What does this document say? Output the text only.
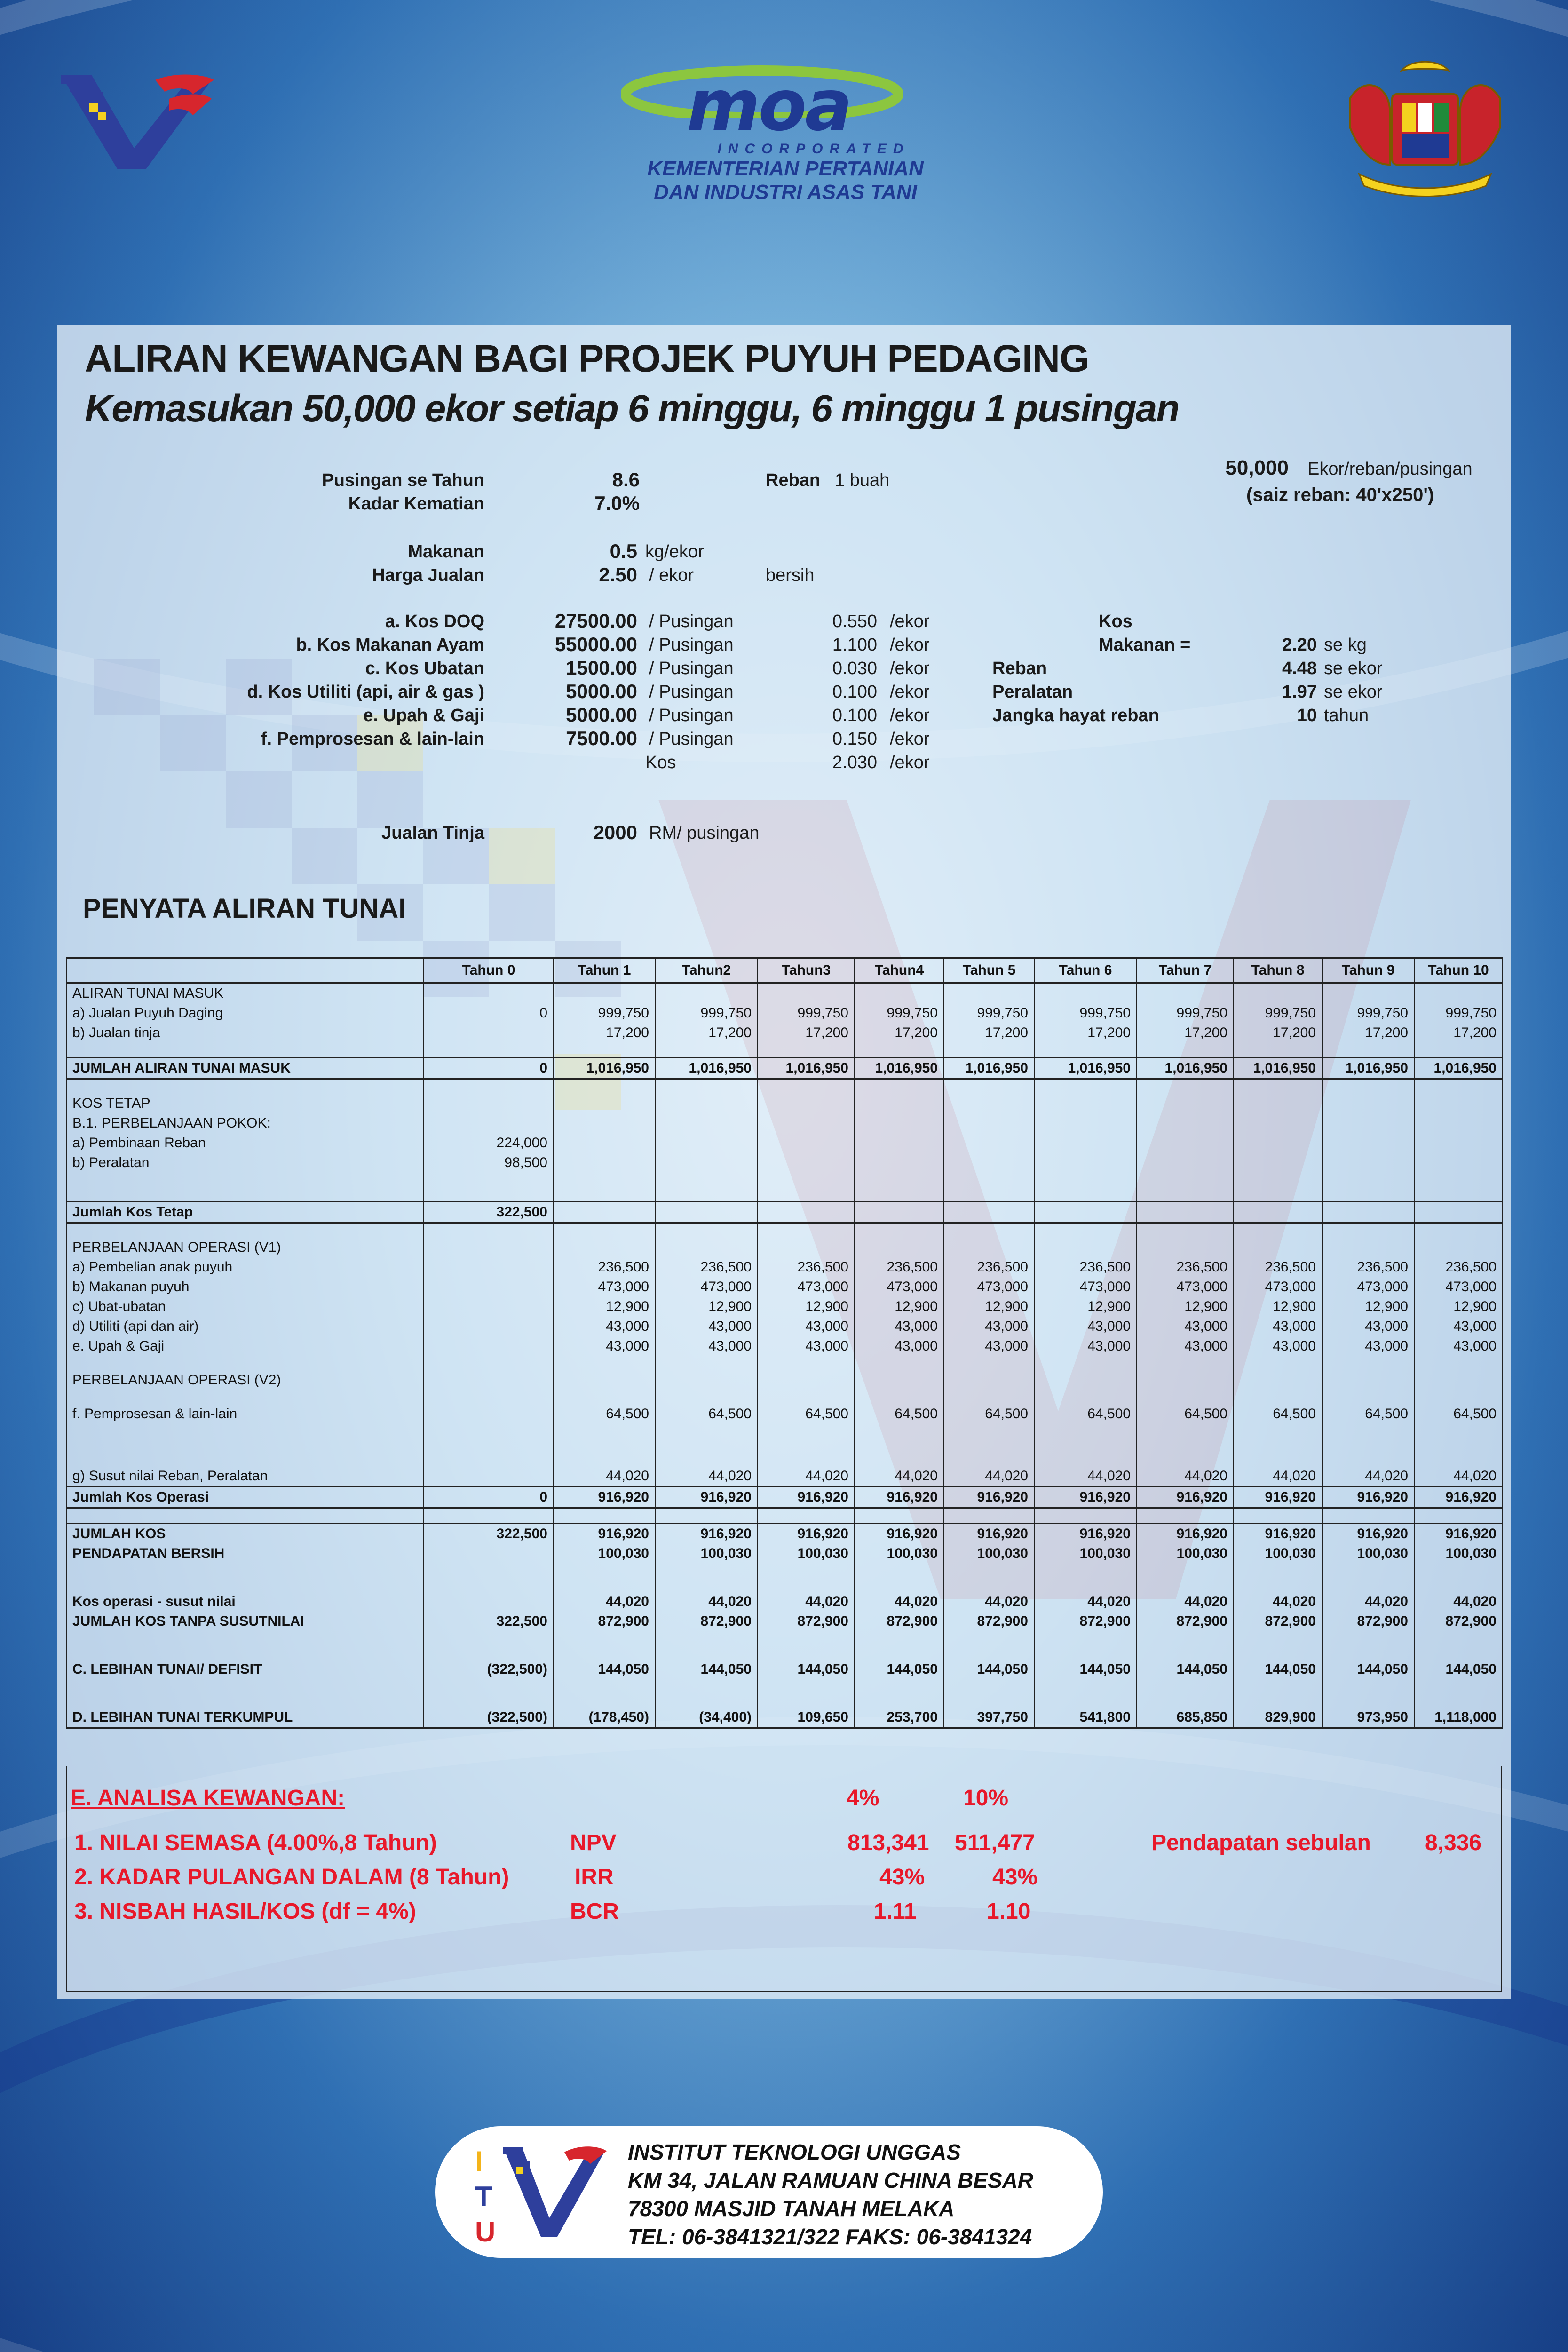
moa
INCORPORATED
KEMENTERIAN PERTANIAN
DAN INDUSTRI ASAS TANI
ALIRAN KEWANGAN BAGI PROJEK PUYUH PEDAGING
Kemasukan 50,000 ekor setiap 6 minggu, 6 minggu 1 pusingan
Pusingan se Tahun	8.6
Kadar Kematian	7.0%
Reban 1 buah
50,000 Ekor/reban/pusingan
(saiz reban: 40'x250')
Makanan	0.5 kg/ekor
Harga Jualan	2.50 / ekor	bersih
a. Kos DOQ	27500.00 / Pusingan	0.550 /ekor
b. Kos Makanan Ayam	55000.00 / Pusingan	1.100 /ekor
c. Kos Ubatan	1500.00 / Pusingan	0.030 /ekor
d. Kos Utiliti (api, air & gas )	5000.00 / Pusingan	0.100 /ekor
e. Upah & Gaji	5000.00 / Pusingan	0.100 /ekor
f. Pemprosesan & lain-lain	7500.00 / Pusingan	0.150 /ekor
Kos	2.030 /ekor
Kos
Makanan =	2.20 se kg
Reban	4.48 se ekor
Peralatan	1.97 se ekor
Jangka hayat reban	10 tahun
Jualan Tinja	2000 RM/ pusingan
PENYATA ALIRAN TUNAI
	Tahun 0	Tahun 1	Tahun2	Tahun3	Tahun4	Tahun 5	Tahun 6	Tahun 7	Tahun 8	Tahun 9	Tahun 10
ALIRAN TUNAI MASUK											
a) Jualan Puyuh Daging	0	999,750	999,750	999,750	999,750	999,750	999,750	999,750	999,750	999,750	999,750
b) Jualan tinja		17,200	17,200	17,200	17,200	17,200	17,200	17,200	17,200	17,200	17,200

JUMLAH ALIRAN TUNAI MASUK	0	1,016,950	1,016,950	1,016,950	1,016,950	1,016,950	1,016,950	1,016,950	1,016,950	1,016,950	1,016,950

KOS TETAP											
B.1. PERBELANJAAN POKOK:											
a) Pembinaan Reban	224,000										
b) Peralatan	98,500										

Jumlah Kos Tetap	322,500										

PERBELANJAAN OPERASI (V1)											
a) Pembelian anak puyuh		236,500	236,500	236,500	236,500	236,500	236,500	236,500	236,500	236,500	236,500
b) Makanan puyuh		473,000	473,000	473,000	473,000	473,000	473,000	473,000	473,000	473,000	473,000
c) Ubat-ubatan		12,900	12,900	12,900	12,900	12,900	12,900	12,900	12,900	12,900	12,900
d) Utiliti (api dan air)		43,000	43,000	43,000	43,000	43,000	43,000	43,000	43,000	43,000	43,000
e. Upah & Gaji		43,000	43,000	43,000	43,000	43,000	43,000	43,000	43,000	43,000	43,000

PERBELANJAAN OPERASI (V2)											

f. Pemprosesan & lain-lain		64,500	64,500	64,500	64,500	64,500	64,500	64,500	64,500	64,500	64,500

g) Susut nilai Reban, Peralatan		44,020	44,020	44,020	44,020	44,020	44,020	44,020	44,020	44,020	44,020
Jumlah Kos Operasi	0	916,920	916,920	916,920	916,920	916,920	916,920	916,920	916,920	916,920	916,920

JUMLAH KOS	322,500	916,920	916,920	916,920	916,920	916,920	916,920	916,920	916,920	916,920	916,920
PENDAPATAN BERSIH		100,030	100,030	100,030	100,030	100,030	100,030	100,030	100,030	100,030	100,030

Kos operasi - susut nilai		44,020	44,020	44,020	44,020	44,020	44,020	44,020	44,020	44,020	44,020
JUMLAH KOS TANPA SUSUTNILAI	322,500	872,900	872,900	872,900	872,900	872,900	872,900	872,900	872,900	872,900	872,900

C. LEBIHAN TUNAI/ DEFISIT	(322,500)	144,050	144,050	144,050	144,050	144,050	144,050	144,050	144,050	144,050	144,050

D. LEBIHAN TUNAI TERKUMPUL	(322,500)	(178,450)	(34,400)	109,650	253,700	397,750	541,800	685,850	829,900	973,950	1,118,000
E. ANALISA KEWANGAN:	4%	10%
1. NILAI SEMASA (4.00%,8 Tahun)	NPV	813,341 511,477	Pendapatan sebulan 8,336
2. KADAR PULANGAN DALAM (8 Tahun)	IRR	43%	43%
3. NISBAH HASIL/KOS (df = 4%)	BCR	1.11	1.10
I
T
U
INSTITUT TEKNOLOGI UNGGAS
KM 34, JALAN RAMUAN CHINA BESAR
78300 MASJID TANAH MELAKA
TEL: 06-3841321/322 FAKS: 06-3841324
